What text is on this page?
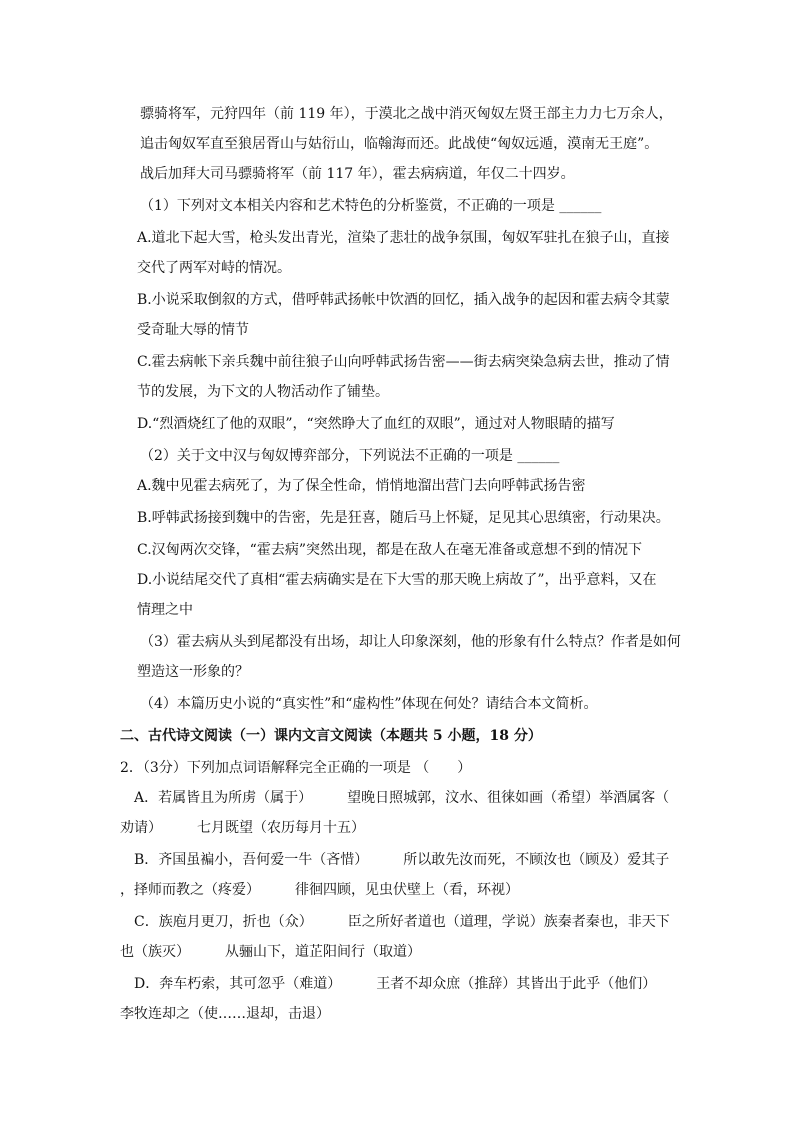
骠骑将军，元狩四年（前 119 年），于漠北之战中消灭匈奴左贤王部主力力七万余人，
追击匈奴军直至狼居胥山与姑衍山，临翰海而还。此战使“匈奴远遁，漠南无王庭”。
战后加拜大司马骠骑将军（前 117 年），霍去病病道，年仅二十四岁。
（1）下列对文本相关内容和艺术特色的分析鉴赏，不正确的一项是 ______
A.道北下起大雪，枪头发出青光，渲染了悲壮的战争氛围，匈奴军驻扎在狼子山，直接
交代了两军对峙的情况。
B.小说采取倒叙的方式，借呼韩武扬帐中饮酒的回忆，插入战争的起因和霍去病令其蒙
受奇耻大辱的情节
C.霍去病帐下亲兵魏中前往狼子山向呼韩武扬告密——街去病突染急病去世，推动了情
节的发展，为下文的人物活动作了铺垫。
D.“烈酒烧红了他的双眼”，“突然睁大了血红的双眼”，通过对人物眼睛的描写
（2）关于文中汉与匈奴博弈部分，下列说法不正确的一项是 ______
A.魏中见霍去病死了，为了保全性命，悄悄地溜出营门去向呼韩武扬告密
B.呼韩武扬接到魏中的告密，先是狂喜，随后马上怀疑，足见其心思缜密，行动果决。
C.汉匈两次交锋，“霍去病”突然出现，都是在敌人在毫无准备或意想不到的情况下
D.小说结尾交代了真相“霍去病确实是在下大雪的那天晚上病故了”，出乎意料，又在
情理之中
（3）霍去病从头到尾都没有出场，却让人印象深刻，他的形象有什么特点？作者是如何
塑造这一形象的？
（4）本篇历史小说的“真实性”和“虚构性”体现在何处？请结合本文简析。
二、古代诗文阅读（一）课内文言文阅读（本题共 5 小题，18 分）
2．（3分）下列加点词语解释完全正确的一项是 （　　）
A．若属皆且为所虏（属于）　　　望晚日照城郭，汶水、徂徕如画（希望）举酒属客（
劝请）　　　七月既望（农历每月十五）
B．齐国虽褊小，吾何爱一牛（吝惜）　　　所以敢先汝而死，不顾汝也（顾及）爱其子
，择师而教之（疼爱）　　　徘徊四顾，见虫伏壁上（看，环视）
C．族庖月更刀，折也（众）　　　臣之所好者道也（道理，学说）族秦者秦也，非天下
也（族灭）　　　从骊山下，道芷阳间行（取道）
D．奔车朽索，其可忽乎（难道）　　　王者不却众庶（推辞）其皆出于此乎（他们）
李牧连却之（使……退却，击退）
